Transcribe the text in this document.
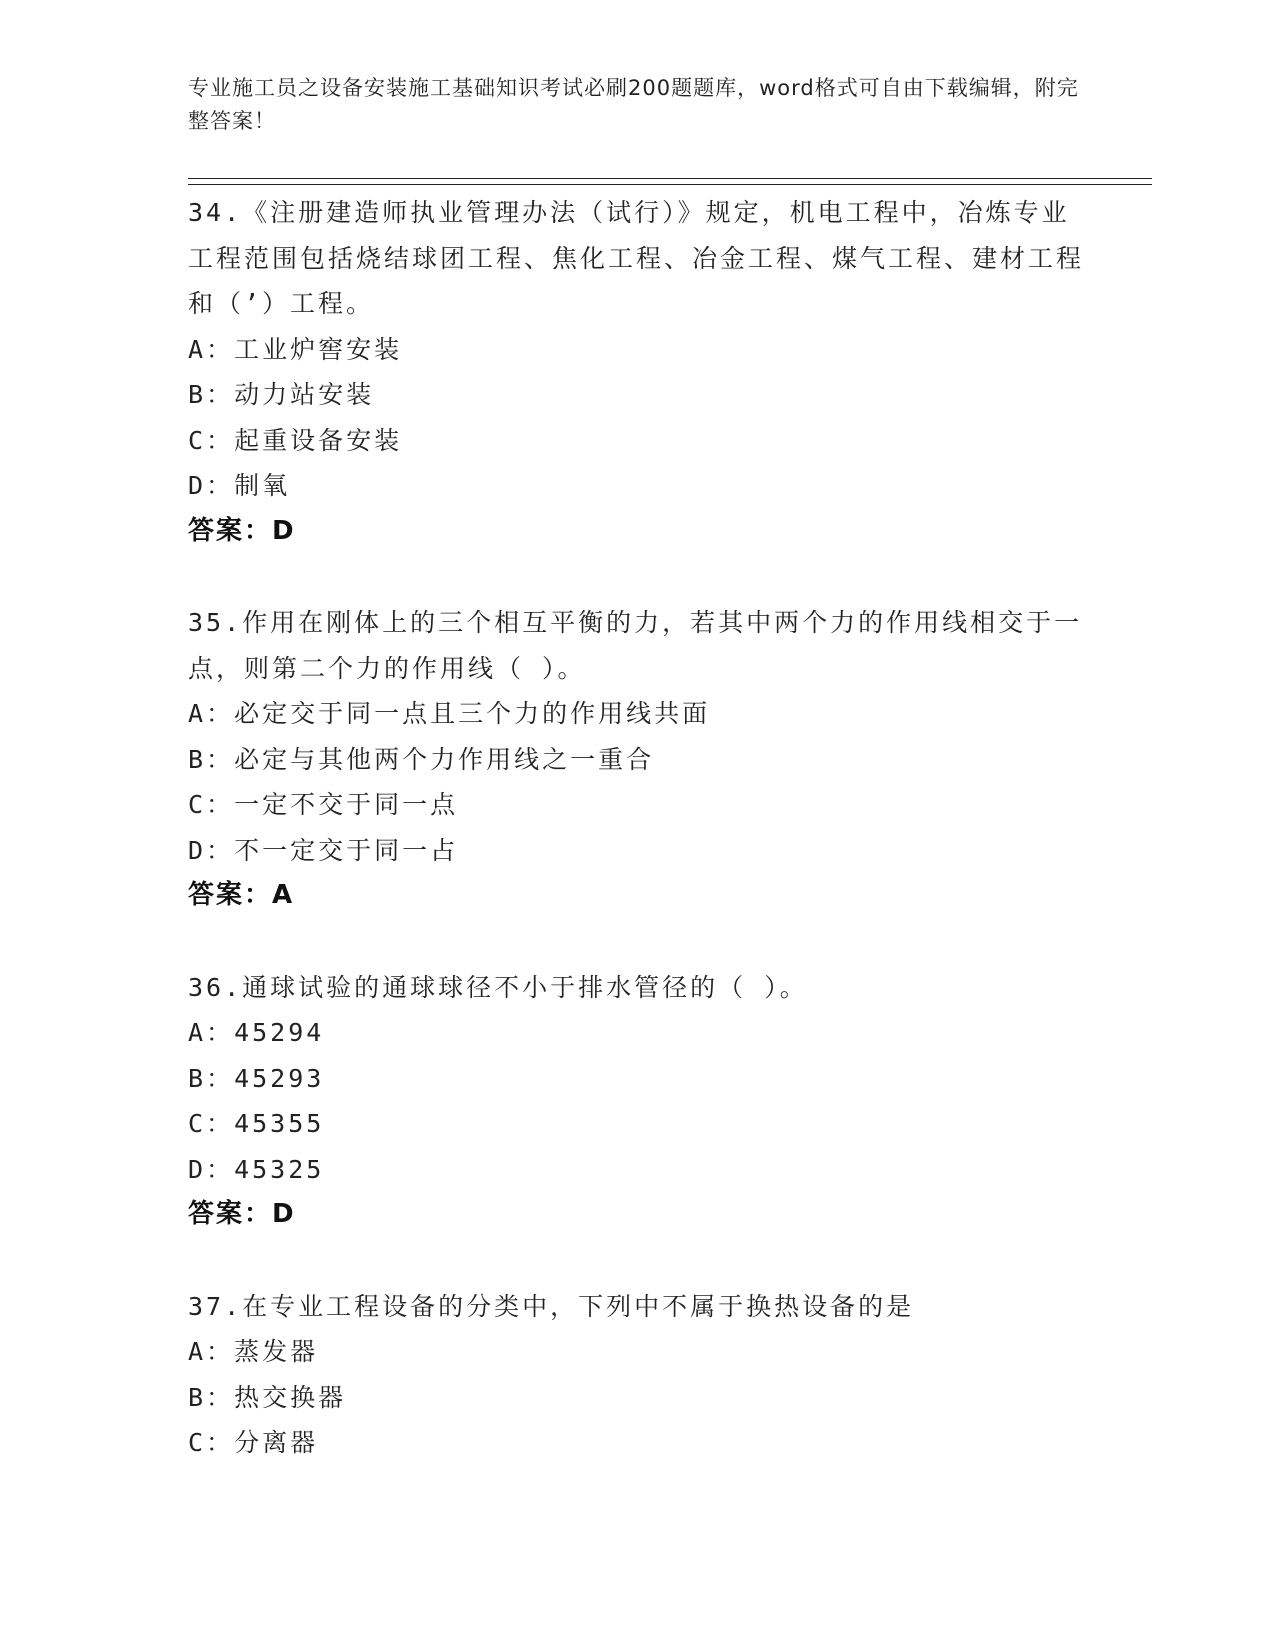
专业施工员之设备安装施工基础知识考试必刷200题题库，word格式可自由下载编辑，附完整答案！

34.《注册建造师执业管理办法（试行）》规定，机电工程中，冶炼专业工程范围包括烧结球团工程、焦化工程、冶金工程、煤气工程、建材工程和（’）工程。

A：工业炉窖安装

B：动力站安装

C：起重设备安装

D：制氧

答案：D

35.作用在刚体上的三个相互平衡的力，若其中两个力的作用线相交于一点，则第二个力的作用线（ ）。

A：必定交于同一点且三个力的作用线共面

B：必定与其他两个力作用线之一重合

C：一定不交于同一点

D：不一定交于同一占

答案：A

36.通球试验的通球球径不小于排水管径的（ ）。

A：45294

B：45293

C：45355

D：45325

答案：D

37.在专业工程设备的分类中，下列中不属于换热设备的是

A：蒸发器

B：热交换器

C：分离器
